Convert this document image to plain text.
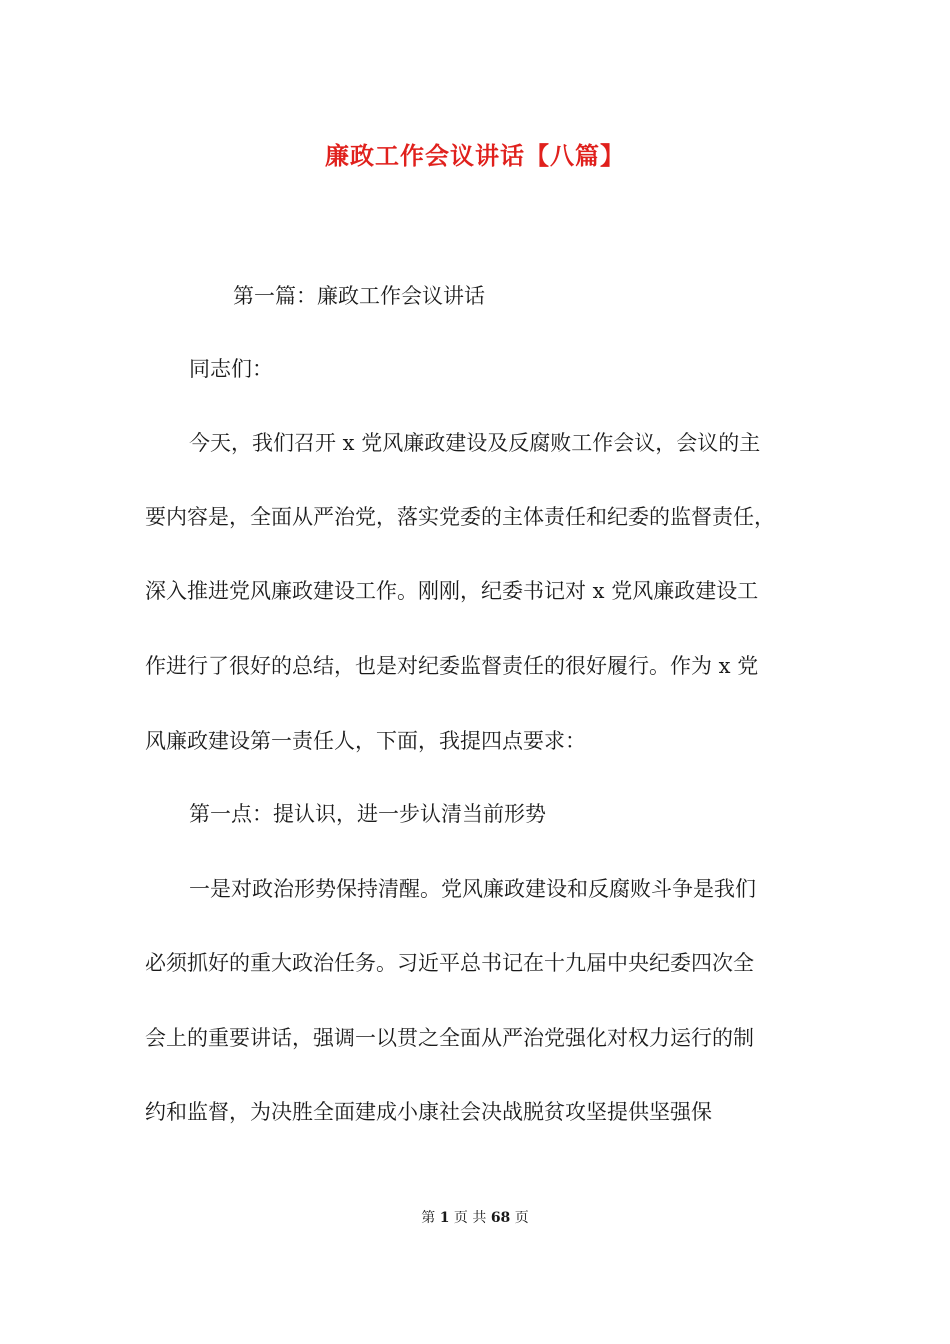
廉政工作会议讲话【八篇】

第一篇：廉政工作会议讲话

同志们：

今天，我们召开 x 党风廉政建设及反腐败工作会议，会议的主

要内容是，全面从严治党，落实党委的主体责任和纪委的监督责任，

深入推进党风廉政建设工作。刚刚，纪委书记对 x 党风廉政建设工

作进行了很好的总结，也是对纪委监督责任的很好履行。作为 x 党

风廉政建设第一责任人，下面，我提四点要求：

第一点：提认识，进一步认清当前形势

一是对政治形势保持清醒。党风廉政建设和反腐败斗争是我们

必须抓好的重大政治任务。习近平总书记在十九届中央纪委四次全

会上的重要讲话，强调一以贯之全面从严治党强化对权力运行的制

约和监督，为决胜全面建成小康社会决战脱贫攻坚提供坚强保

第 1 页 共 68 页
